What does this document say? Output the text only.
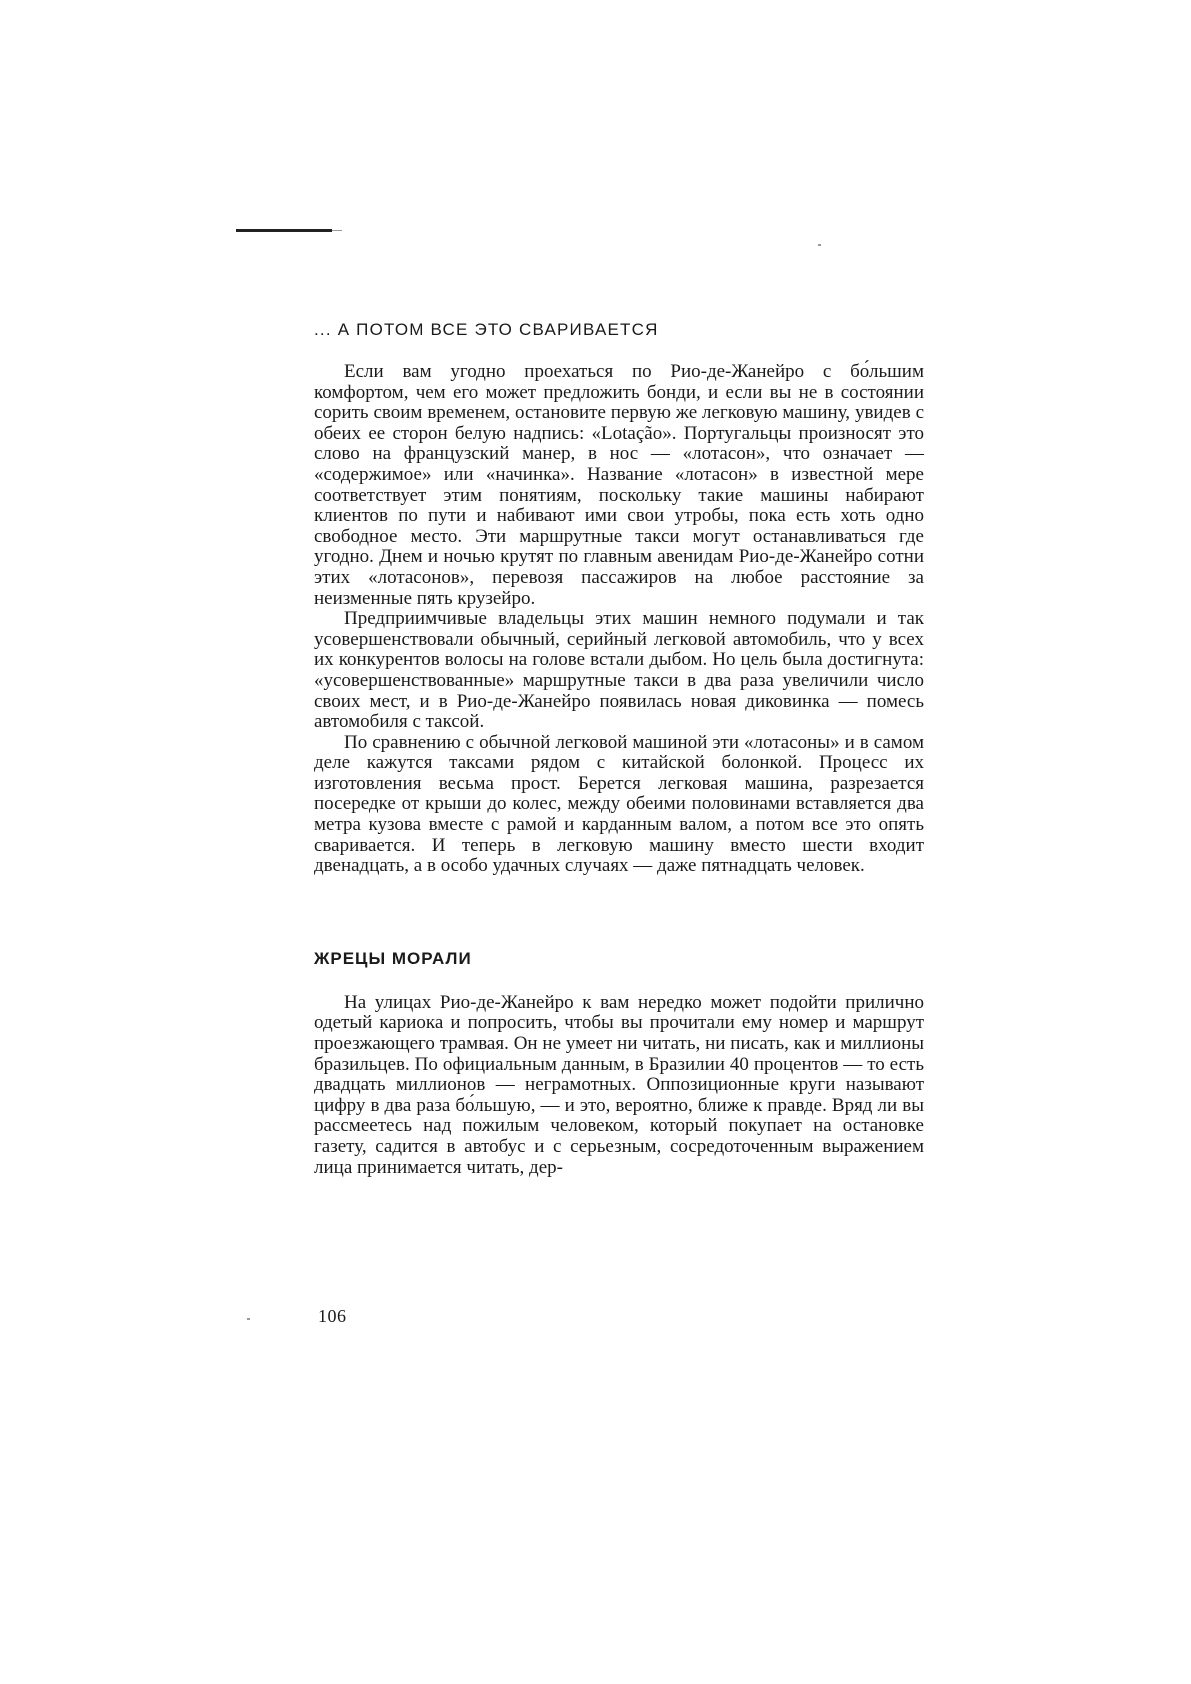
... А ПОТОМ ВСЕ ЭТО СВАРИВАЕТСЯ

Если вам угодно проехаться по Рио-де-Жанейро с бо́льшим комфортом, чем его может предложить бонди, и если вы не в состоянии сорить своим временем, остановите первую же легковую машину, увидев с обеих ее сторон белую надпись: «Lotação». Португальцы произносят это слово на французский манер, в нос — «лотасон», что означает — «содержимое» или «начинка». Название «лотасон» в известной мере соответствует этим понятиям, поскольку такие машины набирают клиентов по пути и набивают ими свои утробы, пока есть хоть одно свободное место. Эти маршрутные такси могут останавливаться где угодно. Днем и ночью крутят по главным авенидам Рио-де-Жанейро сотни этих «лотасонов», перевозя пассажиров на любое расстояние за неизменные пять крузейро.

Предприимчивые владельцы этих машин немного подумали и так усовершенствовали обычный, серийный легковой автомобиль, что у всех их конкурентов волосы на голове встали дыбом. Но цель была достигнута: «усовершенствованные» маршрутные такси в два раза увеличили число своих мест, и в Рио-де-Жанейро появилась новая диковинка — помесь автомобиля с таксой.

По сравнению с обычной легковой машиной эти «лотасоны» и в самом деле кажутся таксами рядом с китайской болонкой. Процесс их изготовления весьма прост. Берется легковая машина, разрезается посередке от крыши до колес, между обеими половинами вставляется два метра кузова вместе с рамой и карданным валом, а потом все это опять сваривается. И теперь в легковую машину вместо шести входит двенадцать, а в особо удачных случаях — даже пятнадцать человек.

ЖРЕЦЫ МОРАЛИ

На улицах Рио-де-Жанейро к вам нередко может подойти прилично одетый кариока и попросить, чтобы вы прочитали ему номер и маршрут проезжающего трамвая. Он не умеет ни читать, ни писать, как и миллионы бразильцев. По официальным данным, в Бразилии 40 процентов — то есть двадцать миллионов — неграмотных. Оппозиционные круги называют цифру в два раза бо́льшую, — и это, вероятно, ближе к правде. Вряд ли вы рассмеетесь над пожилым человеком, который покупает на остановке газету, садится в автобус и с серьезным, сосредоточенным выражением лица принимается читать, дер-

106
